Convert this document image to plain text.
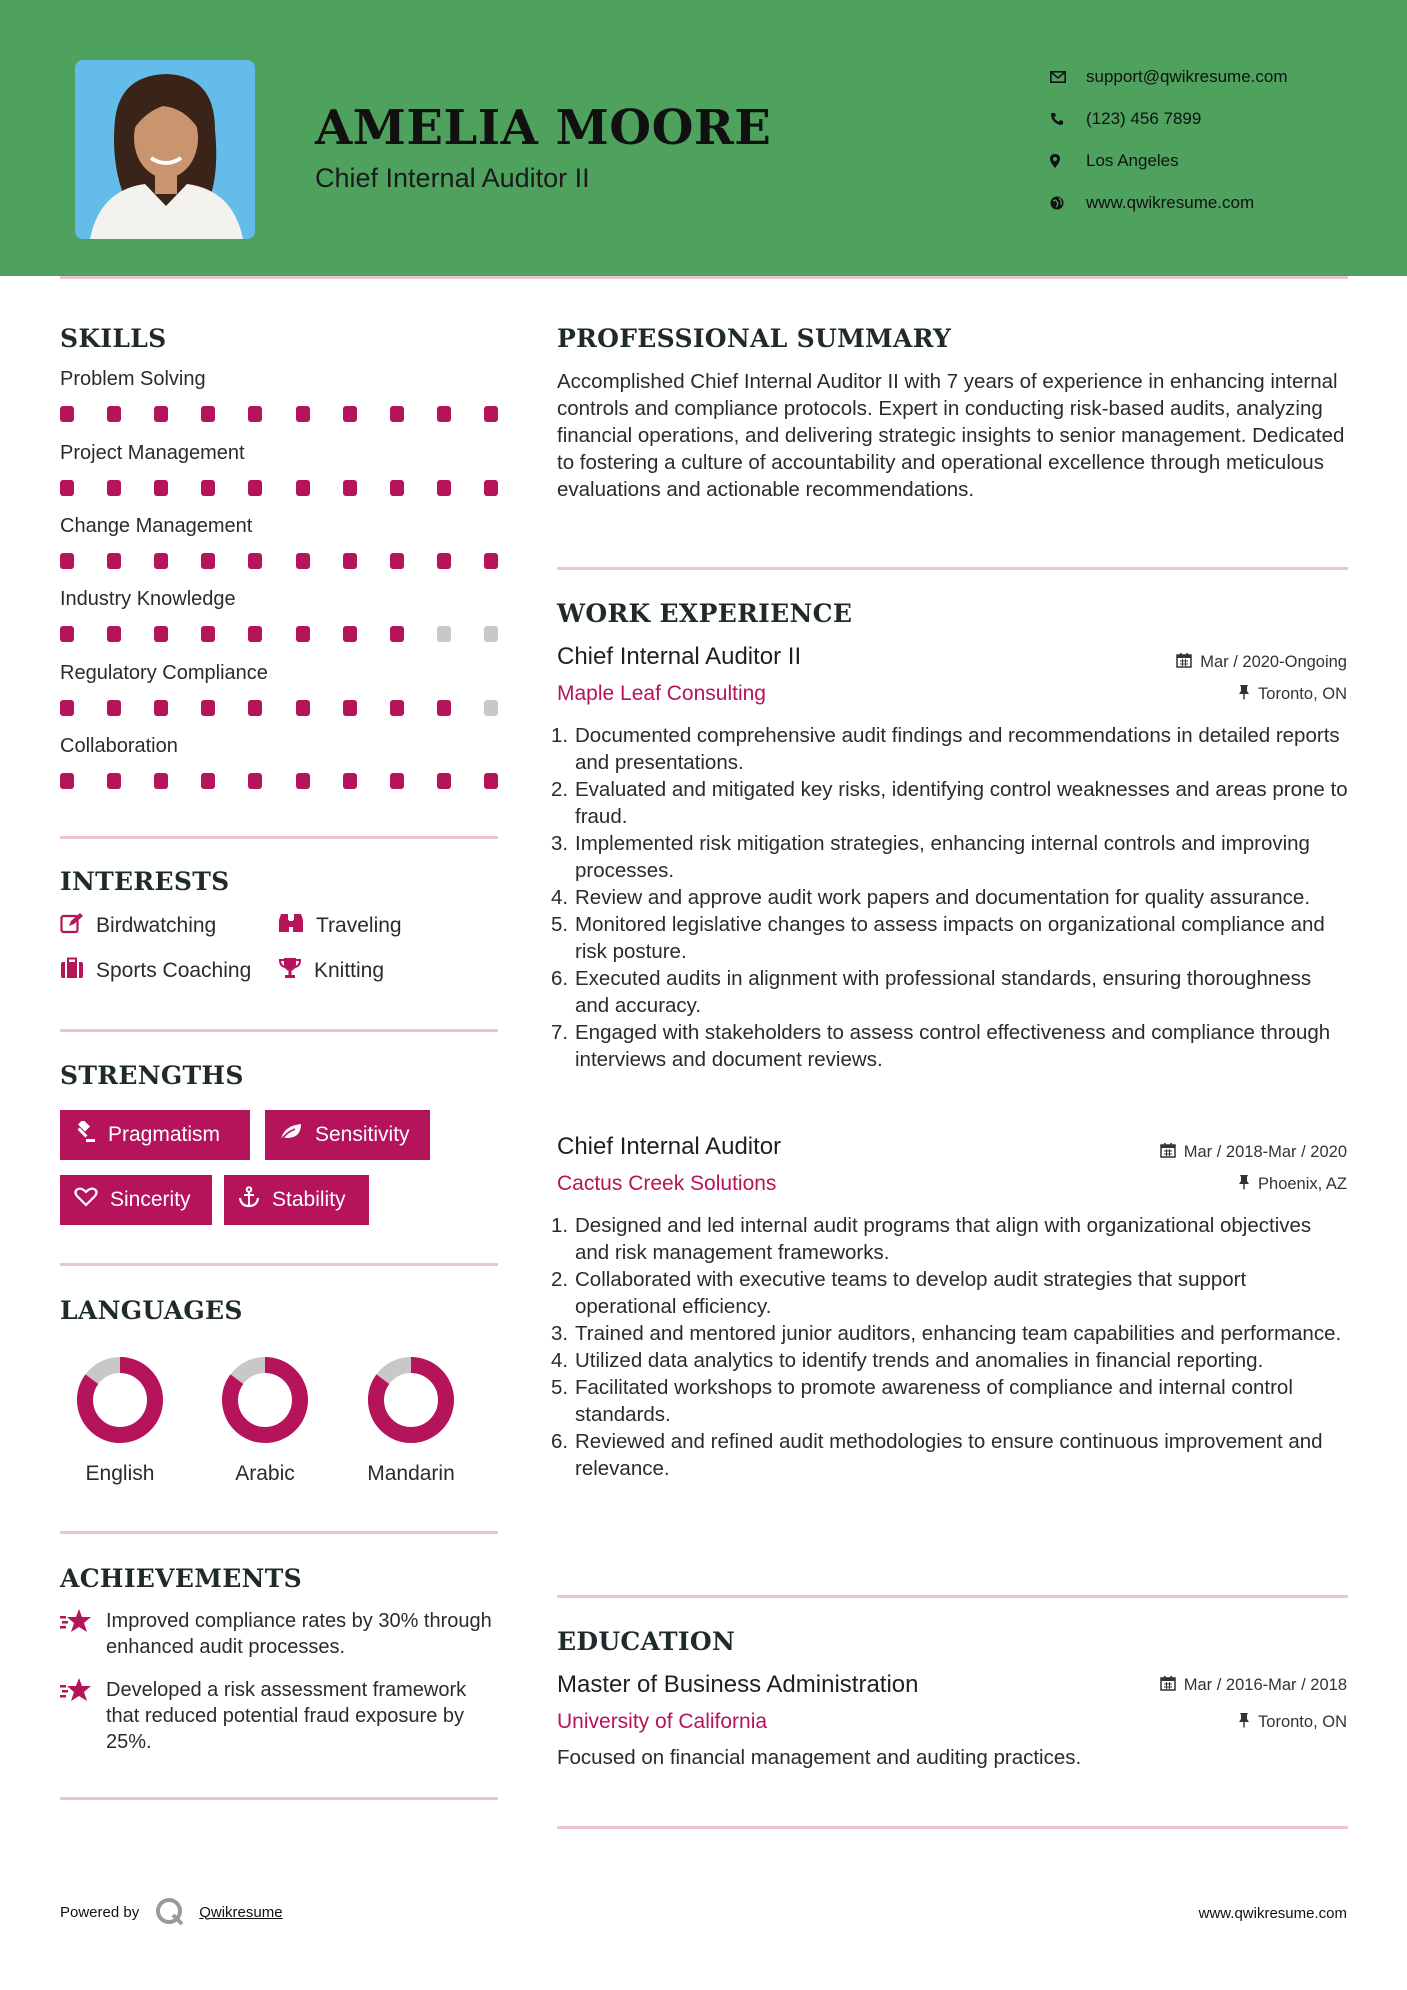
AMELIA MOORE
Chief Internal Auditor II
support@qwikresume.com
(123) 456 7899
Los Angeles
www.qwikresume.com
SKILLS
Problem Solving
Project Management
Change Management
Industry Knowledge
Regulatory Compliance
Collaboration
INTERESTS
Birdwatching	Traveling
Sports Coaching	Knitting
STRENGTHS
Pragmatism	Sensitivity
Sincerity	Stability
LANGUAGES
English	Arabic	Mandarin
ACHIEVEMENTS
Improved compliance rates by 30% through enhanced audit processes.
Developed a risk assessment framework that reduced potential fraud exposure by 25%.
PROFESSIONAL SUMMARY
Accomplished Chief Internal Auditor II with 7 years of experience in enhancing internal controls and compliance protocols. Expert in conducting risk-based audits, analyzing financial operations, and delivering strategic insights to senior management. Dedicated to fostering a culture of accountability and operational excellence through meticulous evaluations and actionable recommendations.
WORK EXPERIENCE
Chief Internal Auditor II	Mar / 2020-Ongoing
Maple Leaf Consulting	Toronto, ON
1. Documented comprehensive audit findings and recommendations in detailed reports and presentations.
2. Evaluated and mitigated key risks, identifying control weaknesses and areas prone to fraud.
3. Implemented risk mitigation strategies, enhancing internal controls and improving processes.
4. Review and approve audit work papers and documentation for quality assurance.
5. Monitored legislative changes to assess impacts on organizational compliance and risk posture.
6. Executed audits in alignment with professional standards, ensuring thoroughness and accuracy.
7. Engaged with stakeholders to assess control effectiveness and compliance through interviews and document reviews.
Chief Internal Auditor	Mar / 2018-Mar / 2020
Cactus Creek Solutions	Phoenix, AZ
1. Designed and led internal audit programs that align with organizational objectives and risk management frameworks.
2. Collaborated with executive teams to develop audit strategies that support operational efficiency.
3. Trained and mentored junior auditors, enhancing team capabilities and performance.
4. Utilized data analytics to identify trends and anomalies in financial reporting.
5. Facilitated workshops to promote awareness of compliance and internal control standards.
6. Reviewed and refined audit methodologies to ensure continuous improvement and relevance.
EDUCATION
Master of Business Administration	Mar / 2016-Mar / 2018
University of California	Toronto, ON
Focused on financial management and auditing practices.
Powered by	Qwikresume	www.qwikresume.com
